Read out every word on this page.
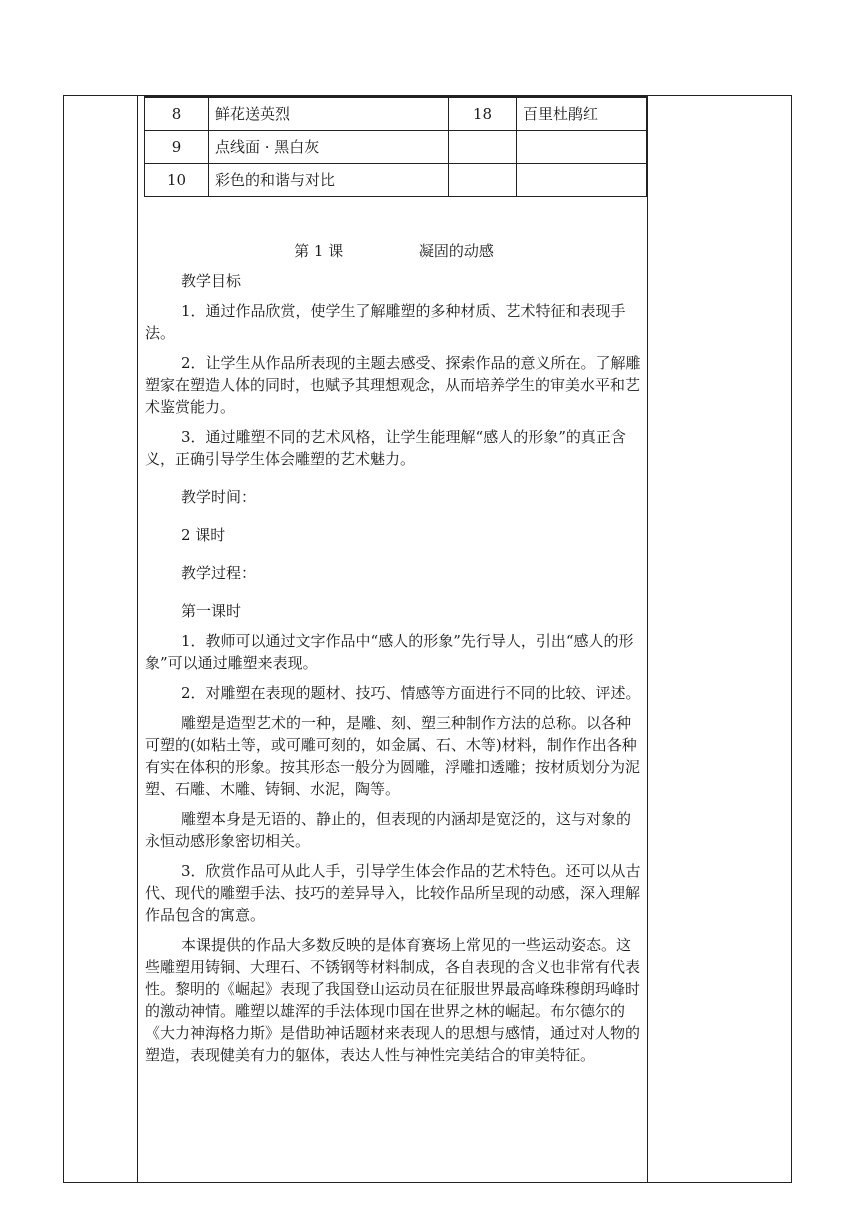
8	鲜花送英烈	18	百里杜鹃红
9	点线面 · 黑白灰		
10	彩色的和谐与对比		

第 1 课	凝固的动感

教学目标

1．通过作品欣赏，使学生了解雕塑的多种材质、艺术特征和表现手法。

2．让学生从作品所表现的主题去感受、探索作品的意义所在。了解雕塑家在塑造人体的同时，也赋予其理想观念，从而培养学生的审美水平和艺术鉴赏能力。

3．通过雕塑不同的艺术风格，让学生能理解“感人的形象”的真正含义，正确引导学生体会雕塑的艺术魅力。

教学时间：

2 课时

教学过程：

第一课时

1．教师可以通过文字作品中“感人的形象”先行导人，引出“感人的形象”可以通过雕塑来表现。

2．对雕塑在表现的题材、技巧、情感等方面进行不同的比较、评述。

雕塑是造型艺术的一种，是雕、刻、塑三种制作方法的总称。以各种可塑的(如粘土等，或可雕可刻的，如金属、石、木等)材料，制作作出各种有实在体积的形象。按其形态一般分为圆雕，浮雕扣透雕；按材质划分为泥塑、石雕、木雕、铸铜、水泥，陶等。

雕塑本身是无语的、静止的，但表现的内涵却是宽泛的，这与对象的永恒动感形象密切相关。

3．欣赏作品可从此人手，引导学生体会作品的艺术特色。还可以从古代、现代的雕塑手法、技巧的差异导入，比较作品所呈现的动感，深入理解作品包含的寓意。

本课提供的作品大多数反映的是体育赛场上常见的一些运动姿态。这些雕塑用铸铜、大理石、不锈钢等材料制成，各自表现的含义也非常有代表性。黎明的《崛起》表现了我国登山运动员在征服世界最高峰珠穆朗玛峰时的激动神情。雕塑以雄浑的手法体现巾国在世界之林的崛起。布尔德尔的《大力神海格力斯》是借助神话题材来表现人的思想与感情，通过对人物的塑造，表现健美有力的躯体，表达人性与神性完美结合的审美特征。
